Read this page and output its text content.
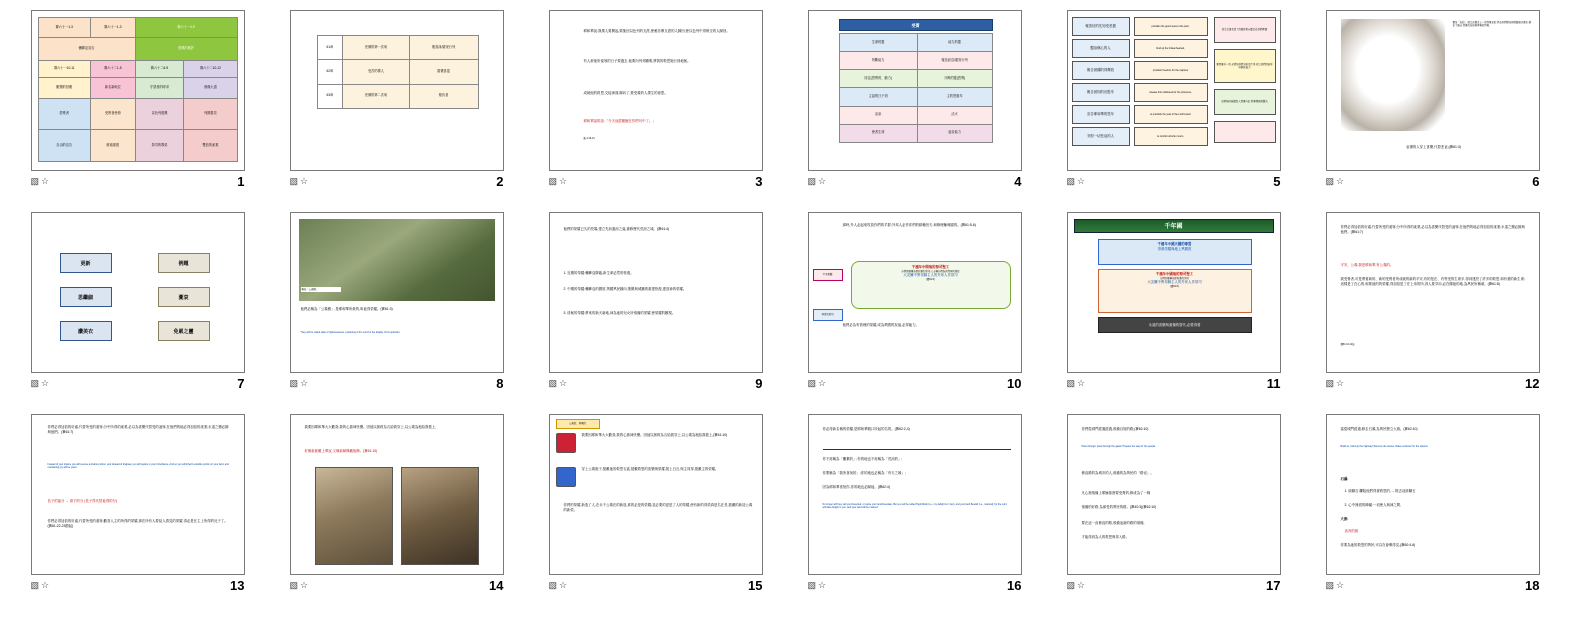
賽六十一1-3	賽六十一1-3	賽六十一4-9	
彌賽亞宣告		復興的應許	
賽六十一10-11	賽六十二1-5	賽六十二6-9	賽六十二10-12
歡樂的回應	新名新地位	守望者的呼求	預備大道
蒙膏者	受膏者使命	以色列復興	列國看見
自由的宣告	廢墟重建	祭司的尊榮	雙倍的產業
▧ ☆	1
61章	悲傷的第一次來	報喜訊/慶祝行列
62章	受苦的僕人	婚禮喜宴
63章	悲傷的第二次來	報仇者
▧ ☆	2
耶和華說:我僕人要興起,要挽回以色列的支派,使雅各眾支派的人歸回,使以色列中得保全的人歸回。
有人被他所羞辱的日子要過去,他要向列邦顯明,將我的救恩施行到地極。
成就他的救恩,交接神面,歸向了,要受義的人僕生的意思。
耶和華說的話:「今天這經應驗在你們耳中了。」
路 4:16-21
▧ ☆	3
受膏
生命的靈	能力的靈
判斷能力	報佳訊息/慶祝行列
同住(恩膏的、動力)	分辨的靈(恩膏)
主說的日子到	主的恩惠年
活泉	活火
使者生命	福音能力
▧ ☆	4
報喜信的先知受差遣
醫治傷心的人
報告被擄的得釋放
報告被囚的出監牢
宣告耶和華的恩年
安慰一切悲哀的人
proclaim the good news to the poor.
bind up the brokenhearted,
proclaim freedom for the captives
release from darkness for the prisoners,
to proclaim the year of the Lord's favor
to comfort all who mourn,
使受差遣者認了的聖經指向聖差在我們裡面
要得著這一切,必須先經歷這新的生命,這是我們的新身份與新能力
使那被囚被擄的人得著自由,得著釋放與醫治
▧ ☆	5
賽第「安慰」,就是在賽者上一章得著安慰;因為我們錫安與耶路撒冷要先,要在主面前,得著的安慰與喜樂的得著。
哀傷的人穿上喜樂,代替悲哀;(賽61:3)
▧ ☆	6
更新	例題
思繼細	憂哀
讚美衣	免累之靈
▧ ☆	7
稱為「公義樹」
他們必稱為「公義樹」,是耶和華所栽的,叫祂得榮耀。(賽61:3)
They will be called oaks of righteousness, a planting of the Lord for the display of his splendor.
▧ ☆	8
他們的榮耀已久的荒場,建立先前凄涼之處,重修歷代荒涼之城。(賽61:4)
1. 近期的榮耀:彌賽亞降臨,新生命必然的恢復。
2. 中期的榮耀:彌賽亞的國度,萬國萬民歸向,聖殿與城牆的重建恢復,建造神的榮耀。
3. 終極的榮耀:將來的新天新地,神為祂的兒女所預備的榮耀,使榮耀的顯現。
▧ ☆	9
那時,外人必起來牧放你們的羊群;外邦人必作你們的耕種田夫,和修理葡萄園的。(賽61:5-6)
不求報酬
神命的祭司
千禧年中間地的祭司聖工
你們倒要稱為耶和華的祭司;人必稱你們為我們神的僕役
大災難中異邦歸主人的外邦人作祭司
(賽61:6)
他們必為有管理的榮耀,成為萬國的祝福,必得能力。
▧ ☆	10
千年國
千禧年中國天國的尊貴
得著榮耀與地上萬國度
千禧年中國地的祭司聖工
你們倒要稱為耶和華的祭司
大災難中異邦歸主人的外邦人作祭司
(賽61:6)
永遠的喜樂與羞愧的替代,必要得著
▧ ☆	11
你們必得加倍的好處,代替所受的羞辱;分中所得的產業,必以為喜樂代替受的凌辱,在他們的地必得加倍的產業;永遠之樂必歸與他們。(賽61:7)
平安、公義:我是耶和華,有公義的。
我受膏者,可是帶著新的、新的受膏者所成就的新的平安,有的是在、有等受的生命多,得到建設了許多的救恩,和有著的新生命;這樣是了在心的,和要祂的的榮耀,得加倍是了在上帝的所,得人要享用,必在賜祂的地,為萬民所稱頌。(賽61:8)
賽61:10-11節
▧ ☆	12
你們必得加倍的好處,代替所受的羞辱;分中所得的產業,必以為喜樂代替受的凌辱,在他們的地必得加倍的產業;永遠之樂必歸與他們。(賽61:7)
Instead of your shame you will receive a double portion, and instead of disgrace you will rejoice in your inheritance. And so you will inherit a double portion in your land, and everlasting joy will be yours.
長子的福分 → 兩子的分 (長子得代替祂得的分)
你們必得加倍的好處,代替所受的羞辱;歡喜人主的所得的榮耀,那在所有人要給人看見的榮耀,得必是在主上所得的兒子了。(賽61:22-23節起)
▧ ☆	13
我要因耶和華大大歡喜;我的心靠神快樂。因祂以拯救為衣給我穿上,以公義為袍給我披上,
好像新郎戴上華冠,又像新婦佩戴妝飾。(賽61:10)
▧ ☆	14
公義的、喜樂的
我要因耶和華大大歡喜;我的心靠神快樂。因祂以拯救為衣給我穿上,以公義為袍給我披上,(賽61:10)
穿上公義袍子,披戴祂的救恩衣裳,披戴救恩的喜樂與榮耀,披上白衣,與主同得,披戴主的榮耀。
你們的榮耀,新造了人,在永不公義在的新造,真的必是的榮耀;並必要的更是了人的榮耀,使有新的得榮真是名在長,披戴的新造公義的新榮。
▧ ☆	15
你必得新名稱的榮耀,是耶和華親口所起的名的。(賽62:2,4)
你不再稱為「撇棄的」;你的地也不再稱為「荒涼的」;
你要稱為「我所喜悅的」;你的地也必稱為「有夫之婦」;
因為耶和華喜悅你,你的地也必歸祂。(賽62:4)
No longer will they call you Deserted, or name your land Desolate. But you will be called Hephzibah (i.e., my delight is in her), and your land Beulah (i.e., married); for the Lord will take delight in you, and your land will be married.
▧ ☆	16
你們從城門經過經過,預備百姓的路;(賽62:10)
Pass through, pass through the gates! Prepare the way for the people.
修直路的為城市的人,預備的為萬民的「路徑」。
凡心裡預備上耶穌基督要受膏的,修成為了一條
預備的好路,為那受的萬民的路。(賽40:3)(賽62:10)
要在這一直修直的路,預備這新的路的預備,
才能得到為人的救恩與得入路。
▧ ☆	17
當從城門經過,修去石頭,為萬民豎立大旗。(賽62:10)
Build up, build up the highway! Remove the stones. Raise a banner for the nations.
石頭:
1. 絆腳石:攔阻他們得著救恩的,→ 除去這絆腳石
2. 心中裡面的障礙:一切使人與神之間,
大旗:
直奔的旗
你要為祂的救恩的萬民,可以在會眾得見,(賽60:4-6)
▧ ☆	18
